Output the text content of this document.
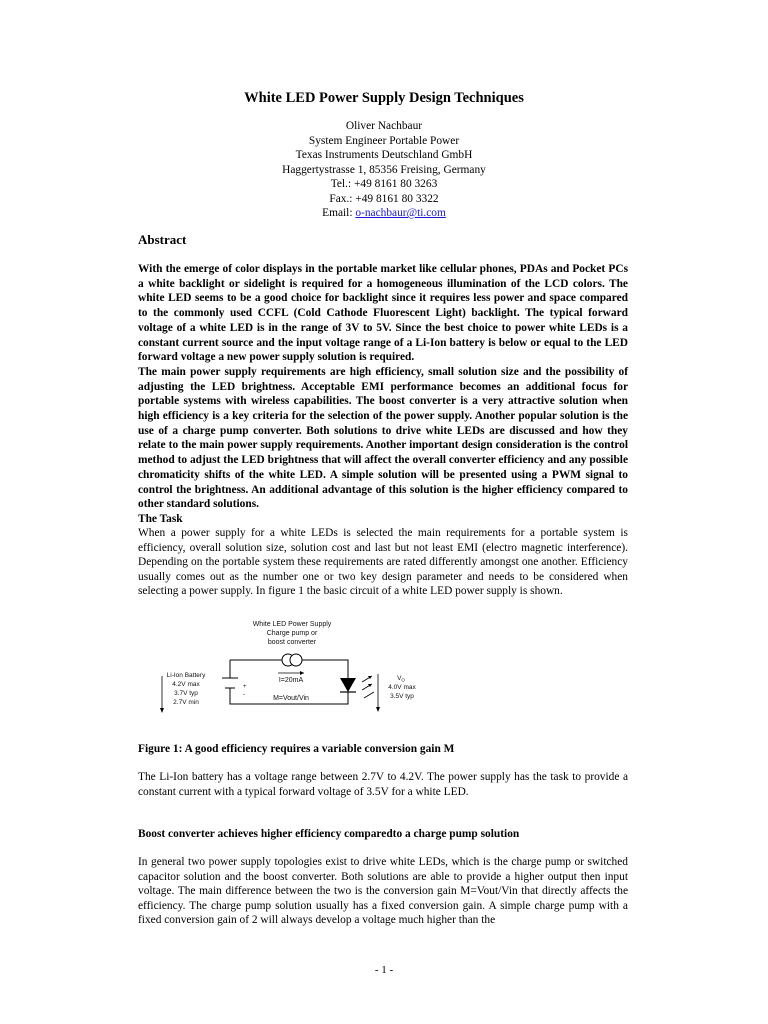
White LED Power Supply Design Techniques
Oliver Nachbaur
System Engineer Portable Power
Texas Instruments Deutschland GmbH
Haggertystrasse 1, 85356 Freising, Germany
Tel.: +49 8161 80 3263
Fax.: +49 8161 80 3322
Email: o-nachbaur@ti.com
Abstract

With the emerge of color displays in the portable market like cellular phones, PDAs and Pocket PCs a white backlight or sidelight is required for a homogeneous illumination of the LCD colors. The white LED seems to be a good choice for backlight since it requires less power and space compared to the commonly used CCFL (Cold Cathode Fluorescent Light) backlight. The typical forward voltage of a white LED is in the range of 3V to 5V. Since the best choice to power white LEDs is a constant current source and the input voltage range of a Li-Ion battery is below or equal to the LED forward voltage a new power supply solution is required.

The main power supply requirements are high efficiency, small solution size and the possibility of adjusting the LED brightness. Acceptable EMI performance becomes an additional focus for portable systems with wireless capabilities. The boost converter is a very attractive solution when high efficiency is a key criteria for the selection of the power supply. Another popular solution is the use of a charge pump converter. Both solutions to drive white LEDs are discussed and how they relate to the main power supply requirements. Another important design consideration is the control method to adjust the LED brightness that will affect the overall converter efficiency and any possible chromaticity shifts of the white LED. A simple solution will be presented using a PWM signal to control the brightness. An additional advantage of this solution is the higher efficiency compared to other standard solutions.

The Task

When a power supply for a white LEDs is selected the main requirements for a portable system is efficiency, overall solution size, solution cost and last but not least EMI (electro magnetic interference). Depending on the portable system these requirements are rated differently amongst one another. Efficiency usually comes out as the number one or two key design parameter and needs to be considered when selecting a power supply. In figure 1 the basic circuit of a white LED power supply is shown.

White LED Power Supply
Charge pump or
boost converter
I=20mA
M=Vout/Vin
+
-
Li-Ion Battery
4.2V max
3.7V typ
2.7V min
$V_O$
4.0V max
3.5V typ
Figure 1: A good efficiency requires a variable conversion gain M

The Li-Ion battery has a voltage range between 2.7V to 4.2V. The power supply has the task to provide a constant current with a typical forward voltage of 3.5V for a white LED.

Boost converter achieves higher efficiency comparedto a charge pump solution

In general two power supply topologies exist to drive white LEDs, which is the charge pump or switched capacitor solution and the boost converter. Both solutions are able to provide a higher output then input voltage. The main difference between the two is the conversion gain M=Vout/Vin that directly affects the efficiency. The charge pump solution usually has a fixed conversion gain. A simple charge pump with a fixed conversion gain of 2 will always develop a voltage much higher than the

- 1 -
